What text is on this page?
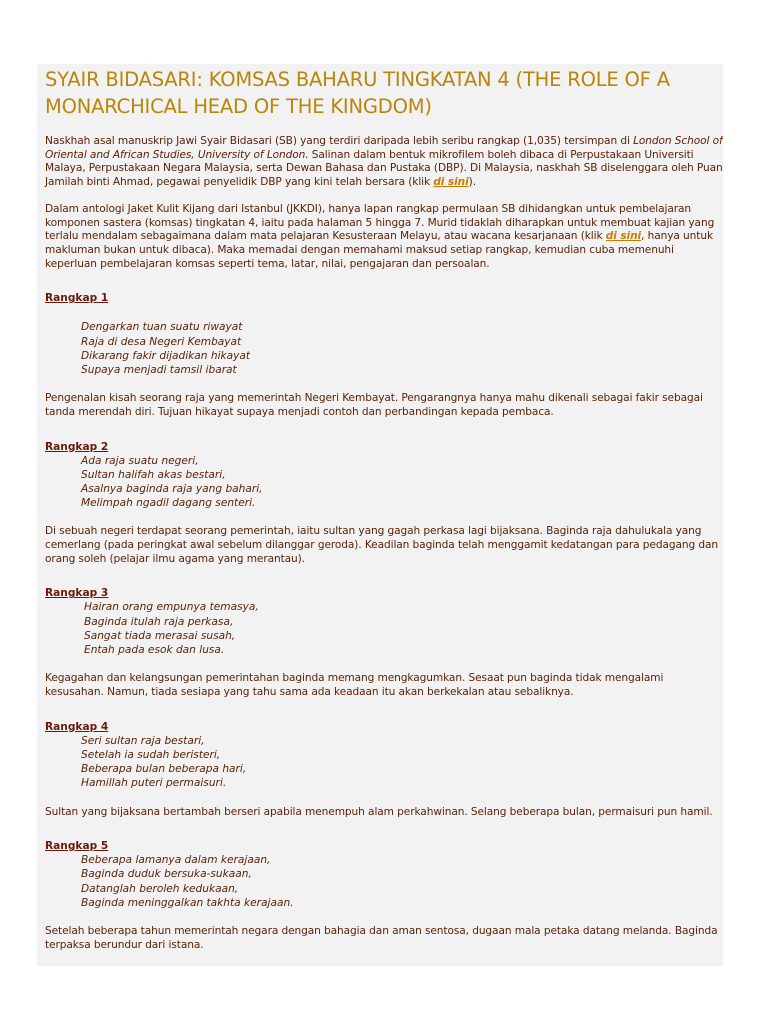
SYAIR BIDASARI: KOMSAS BAHARU TINGKATAN 4 (THE ROLE OF A MONARCHICAL HEAD OF THE KINGDOM)

Naskhah asal manuskrip Jawi Syair Bidasari (SB) yang terdiri daripada lebih seribu rangkap (1,035) tersimpan di London School of Oriental and African Studies, University of London. Salinan dalam bentuk mikrofilem boleh dibaca di Perpustakaan Universiti Malaya, Perpustakaan Negara Malaysia, serta Dewan Bahasa dan Pustaka (DBP). Di Malaysia, naskhah SB diselenggara oleh Puan Jamilah binti Ahmad, pegawai penyelidik DBP yang kini telah bersara (klik di sini).

Dalam antologi Jaket Kulit Kijang dari Istanbul (JKKDI), hanya lapan rangkap permulaan SB dihidangkan untuk pembelajaran komponen sastera (komsas) tingkatan 4, iaitu pada halaman 5 hingga 7. Murid tidaklah diharapkan untuk membuat kajian yang terlalu mendalam sebagaimana dalam mata pelajaran Kesusteraan Melayu, atau wacana kesarjanaan (klik di sini, hanya untuk makluman bukan untuk dibaca). Maka memadai dengan memahami maksud setiap rangkap, kemudian cuba memenuhi keperluan pembelajaran komsas seperti tema, latar, nilai, pengajaran dan persoalan.

Rangkap 1
Dengarkan tuan suatu riwayat
Raja di desa Negeri Kembayat
Dikarang fakir dijadikan hikayat
Supaya menjadi tamsil ibarat

Pengenalan kisah seorang raja yang memerintah Negeri Kembayat. Pengarangnya hanya mahu dikenali sebagai fakir sebagai tanda merendah diri. Tujuan hikayat supaya menjadi contoh dan perbandingan kepada pembaca.

Rangkap 2
Ada raja suatu negeri,
Sultan halifah akas bestari,
Asalnya baginda raja yang bahari,
Melimpah ngadil dagang senteri.

Di sebuah negeri terdapat seorang pemerintah, iaitu sultan yang gagah perkasa lagi bijaksana. Baginda raja dahulukala yang cemerlang (pada peringkat awal sebelum dilanggar geroda). Keadilan baginda telah menggamit kedatangan para pedagang dan orang soleh (pelajar ilmu agama yang merantau).

Rangkap 3
Hairan orang empunya temasya,
Baginda itulah raja perkasa,
Sangat tiada merasai susah,
Entah pada esok dan lusa.

Kegagahan dan kelangsungan pemerintahan baginda memang mengkagumkan. Sesaat pun baginda tidak mengalami kesusahan. Namun, tiada sesiapa yang tahu sama ada keadaan itu akan berkekalan atau sebaliknya.

Rangkap 4
Seri sultan raja bestari,
Setelah ia sudah beristeri,
Beberapa bulan beberapa hari,
Hamillah puteri permaisuri.

Sultan yang bijaksana bertambah berseri apabila menempuh alam perkahwinan. Selang beberapa bulan, permaisuri pun hamil.

Rangkap 5
Beberapa lamanya dalam kerajaan,
Baginda duduk bersuka-sukaan,
Datanglah beroleh kedukaan,
Baginda meninggalkan takhta kerajaan.

Setelah beberapa tahun memerintah negara dengan bahagia dan aman sentosa, dugaan mala petaka datang melanda. Baginda terpaksa berundur dari istana.
